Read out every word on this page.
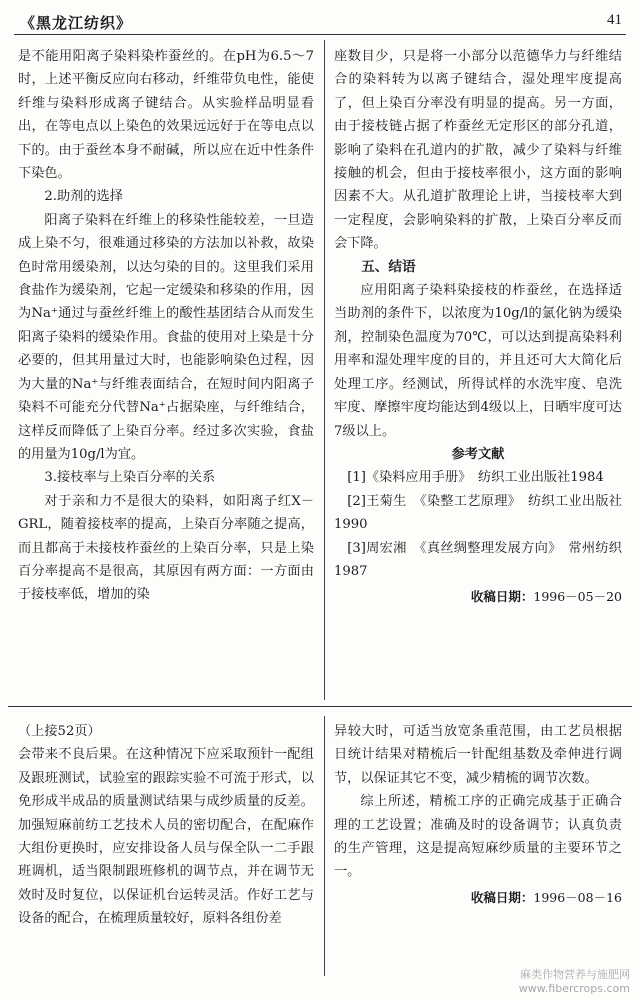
《黑龙江纺织》	41

是不能用阳离子染料染柞蚕丝的。在pH为6.5～7时，上述平衡反应向右移动，纤维带负电性，能使纤维与染料形成离子键结合。从实验样品明显看出，在等电点以上染色的效果远远好于在等电点以下的。由于蚕丝本身不耐碱，所以应在近中性条件下染色。

2.助剂的选择

阳离子染料在纤维上的移染性能较差，一旦造成上染不匀，很难通过移染的方法加以补救，故染色时常用缓染剂，以达匀染的目的。这里我们采用食盐作为缓染剂，它起一定缓染和移染的作用，因为Na⁺通过与蚕丝纤维上的酸性基团结合从而发生阳离子染料的缓染作用。食盐的使用对上染是十分必要的，但其用量过大时，也能影响染色过程，因为大量的Na⁺与纤维表面结合，在短时间内阳离子染料不可能充分代替Na⁺占据染座，与纤维结合，这样反而降低了上染百分率。经过多次实验，食盐的用量为10g/l为宜。

3.接枝率与上染百分率的关系

对于亲和力不是很大的染料，如阳离子红X－GRL，随着接枝率的提高，上染百分率随之提高，而且都高于未接枝柞蚕丝的上染百分率，只是上染百分率提高不是很高，其原因有两方面：一方面由于接枝率低，增加的染

座数目少，只是将一小部分以范德华力与纤维结合的染料转为以离子键结合，湿处理牢度提高了，但上染百分率没有明显的提高。另一方面，由于接枝链占据了柞蚕丝无定形区的部分孔道，影响了染料在孔道内的扩散，减少了染料与纤维接触的机会，但由于接枝率很小，这方面的影响因素不大。从孔道扩散理论上讲，当接枝率大到一定程度，会影响染料的扩散，上染百分率反而会下降。

五、结语

应用阳离子染料染接枝的柞蚕丝，在选择适当助剂的条件下，以浓度为10g/l的氯化钠为缓染剂，控制染色温度为70℃，可以达到提高染料利用率和湿处理牢度的目的，并且还可大大简化后处理工序。经测试，所得试样的水洗牢度、皂洗牢度、摩擦牢度均能达到4级以上，日晒牢度可达7级以上。

参考文献

[1]《染料应用手册》　纺织工业出版社1984

[2]王菊生　《染整工艺原理》　纺织工业出版社　1990

[3]周宏湘　《真丝绸整理发展方向》　常州纺织　1987

收稿日期：1996－05－20

（上接52页）

会带来不良后果。在这种情况下应采取预针一配组及跟班测试，试验室的跟踪实验不可流于形式，以免形成半成品的质量测试结果与成纱质量的反差。加强短麻前纺工艺技术人员的密切配合，在配麻作大组份更换时，应安排设备人员与保全队一二手跟班调机，适当限制跟班修机的调节点，并在调节无效时及时复位，以保证机台运转灵活。作好工艺与设备的配合，在梳理质量较好，原料各组份差

异较大时，可适当放宽条重范围，由工艺员根据日统计结果对精梳后一针配组基数及牵伸进行调节，以保证其它不变，减少精梳的调节次数。

综上所述，精梳工序的正确完成基于正确合理的工艺设置；准确及时的设备调节；认真负责的生产管理，这是提高短麻纱质量的主要环节之一。

收稿日期：1996－08－16
麻类作物营养与施肥网
www.fibercrops.com
